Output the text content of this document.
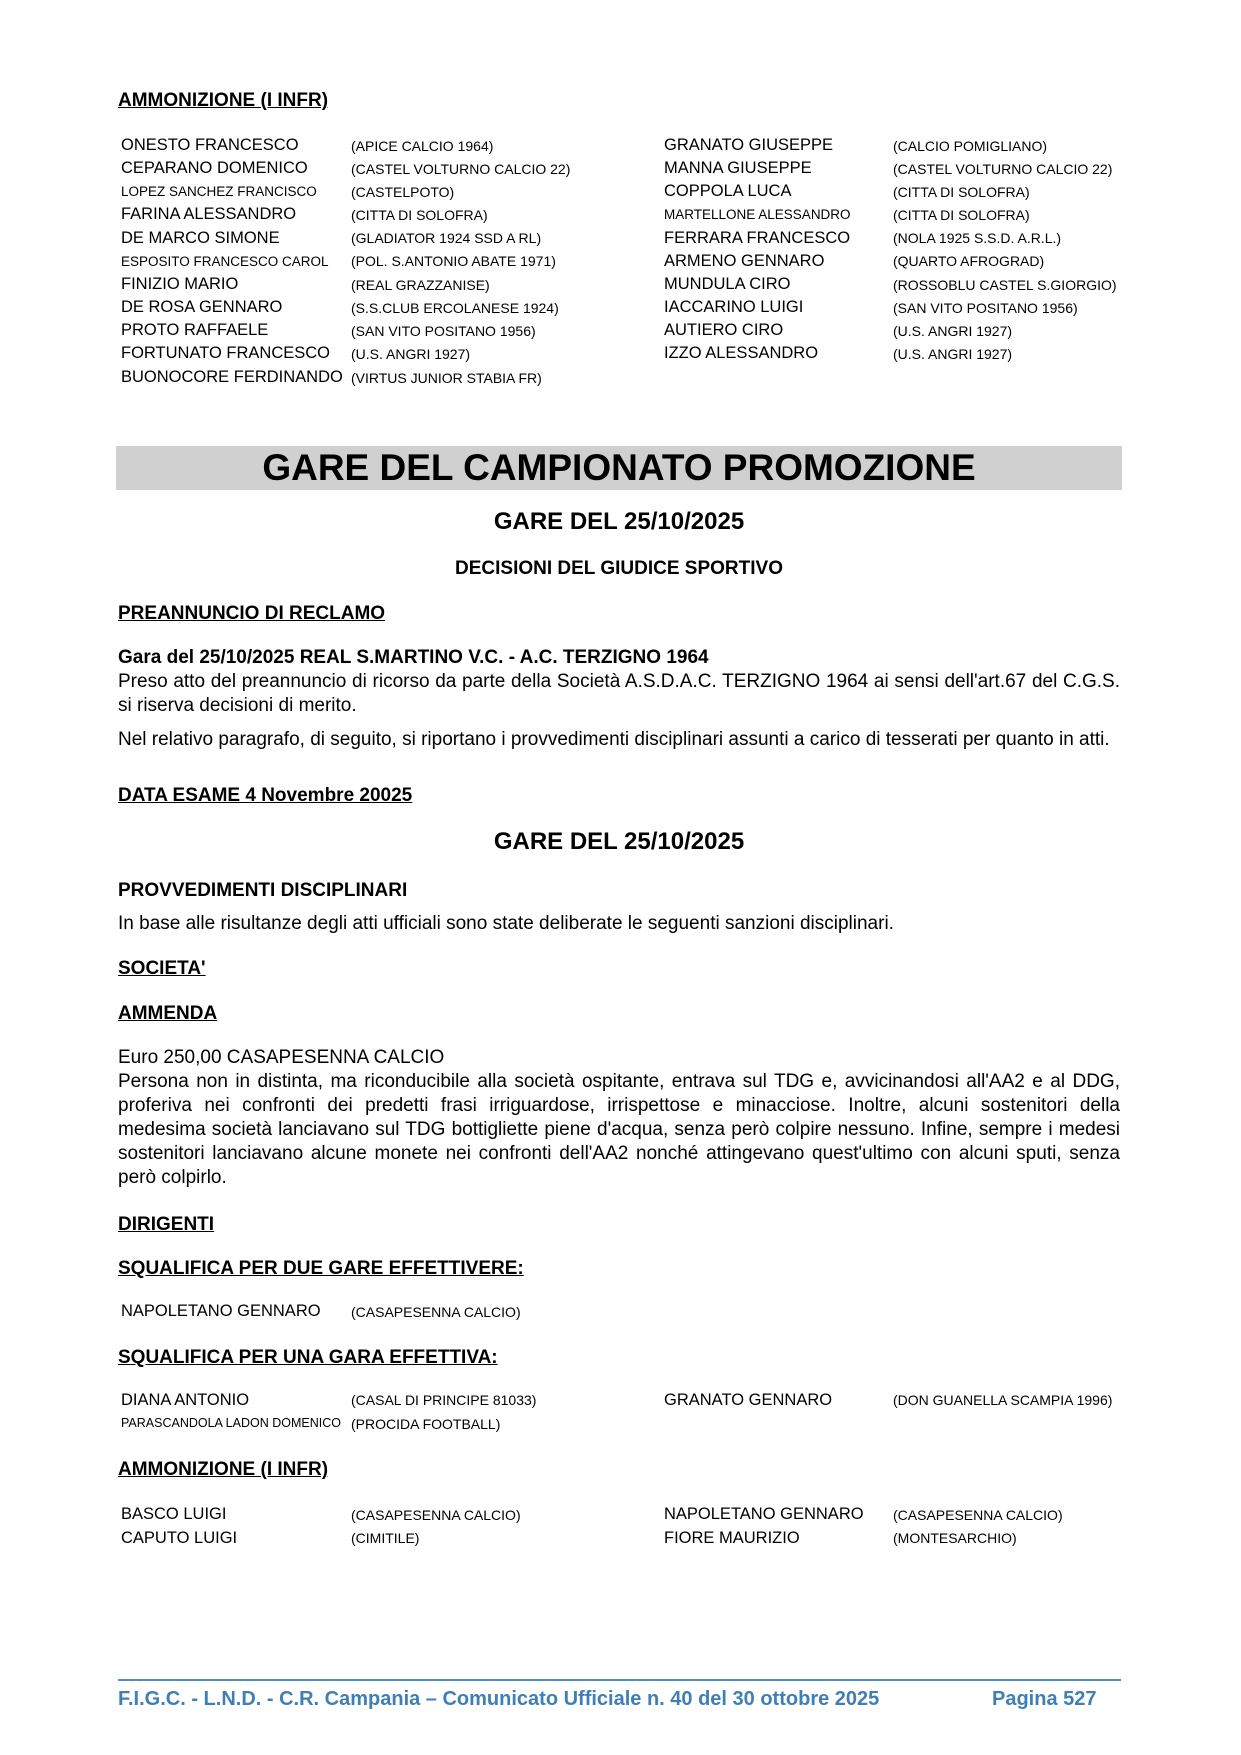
AMMONIZIONE (I INFR)
ONESTO FRANCESCO	(APICE CALCIO 1964)
CEPARANO DOMENICO	(CASTEL VOLTURNO CALCIO 22)
LOPEZ SANCHEZ FRANCISCO (CASTELPOTO)
FARINA ALESSANDRO	(CITTA DI SOLOFRA)
DE MARCO SIMONE	(GLADIATOR 1924 SSD A RL)
ESPOSITO FRANCESCO CAROL (POL. S.ANTONIO ABATE 1971)
FINIZIO MARIO	(REAL GRAZZANISE)
DE ROSA GENNARO	(S.S.CLUB ERCOLANESE 1924)
PROTO RAFFAELE	(SAN VITO POSITANO 1956)
FORTUNATO FRANCESCO (U.S. ANGRI 1927)
BUONOCORE FERDINANDO (VIRTUS JUNIOR STABIA FR)
GRANATO GIUSEPPE	(CALCIO POMIGLIANO)
MANNA GIUSEPPE	(CASTEL VOLTURNO CALCIO 22)
COPPOLA LUCA	(CITTA DI SOLOFRA)
MARTELLONE ALESSANDRO	(CITTA DI SOLOFRA)
FERRARA FRANCESCO	(NOLA 1925 S.S.D. A.R.L.)
ARMENO GENNARO	(QUARTO AFROGRAD)
MUNDULA CIRO	(ROSSOBLU CASTEL S.GIORGIO)
IACCARINO LUIGI	(SAN VITO POSITANO 1956)
AUTIERO CIRO	(U.S. ANGRI 1927)
IZZO ALESSANDRO	(U.S. ANGRI 1927)
GARE DEL CAMPIONATO PROMOZIONE
GARE DEL 25/10/2025
DECISIONI DEL GIUDICE SPORTIVO
PREANNUNCIO DI RECLAMO
Gara del 25/10/2025 REAL S.MARTINO V.C. - A.C. TERZIGNO 1964
Preso atto del preannuncio di ricorso da parte della Società A.S.D.A.C. TERZIGNO 1964 ai sensi dell'art.67 del C.G.S. si riserva decisioni di merito.
Nel relativo paragrafo, di seguito, si riportano i provvedimenti disciplinari assunti a carico di tesserati per quanto in atti.
DATA ESAME 4 Novembre 20025
GARE DEL 25/10/2025
PROVVEDIMENTI DISCIPLINARI
In base alle risultanze degli atti ufficiali sono state deliberate le seguenti sanzioni disciplinari.
SOCIETA'
AMMENDA
Euro 250,00 CASAPESENNA CALCIO
Persona non in distinta, ma riconducibile alla società ospitante, entrava sul TDG e, avvicinandosi all'AA2 e al DDG, proferiva nei confronti dei predetti frasi irriguardose, irrispettose e minacciose. Inoltre, alcuni sostenitori della medesima società lanciavano sul TDG bottigliette piene d'acqua, senza però colpire nessuno. Infine, sempre i medesi sostenitori lanciavano alcune monete nei confronti dell'AA2 nonché attingevano quest'ultimo con alcuni sputi, senza però colpirlo.
DIRIGENTI
SQUALIFICA PER DUE GARE EFFETTIVERE:
NAPOLETANO GENNARO (CASAPESENNA CALCIO)
SQUALIFICA PER UNA GARA EFFETTIVA:
DIANA ANTONIO	(CASAL DI PRINCIPE 81033)
PARASCANDOLA LADON DOMENICO (PROCIDA FOOTBALL)
GRANATO GENNARO	(DON GUANELLA SCAMPIA 1996)
AMMONIZIONE (I INFR)
BASCO LUIGI	(CASAPESENNA CALCIO)
CAPUTO LUIGI	(CIMITILE)
NAPOLETANO GENNARO (CASAPESENNA CALCIO)
FIORE MAURIZIO	(MONTESARCHIO)
F.I.G.C. - L.N.D. - C.R. Campania – Comunicato Ufficiale n. 40 del 30 ottobre 2025	Pagina 527
